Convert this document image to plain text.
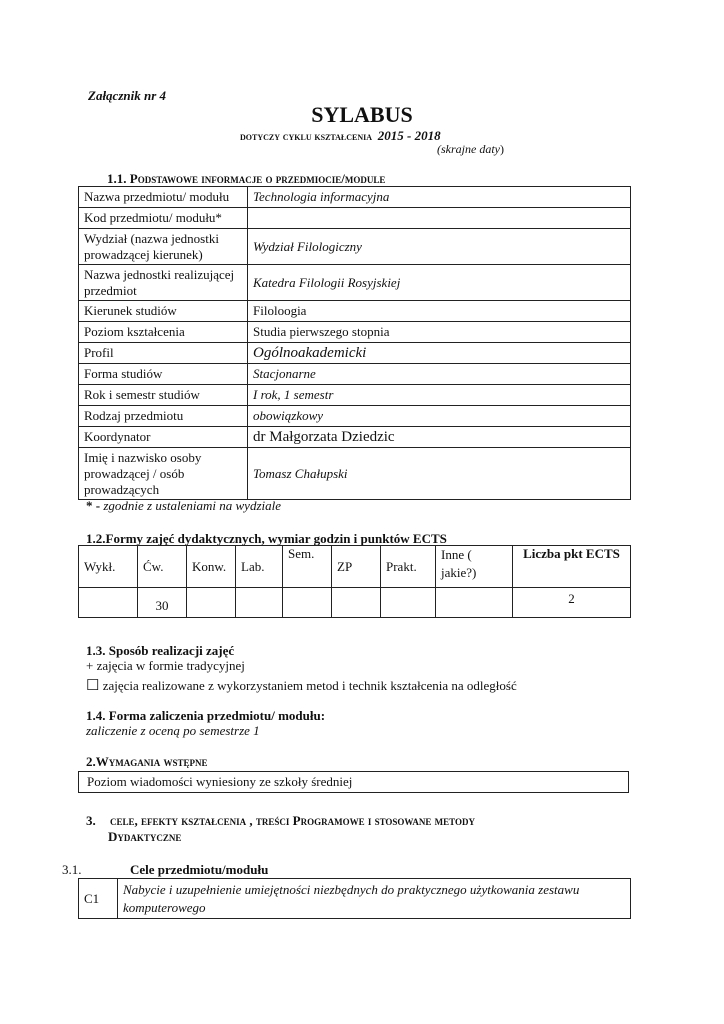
Załącznik nr 4
SYLABUS
dotyczy cyklu kształcenia 2015 - 2018
(skrajne daty)
1.1. Podstawowe informacje o przedmiocie/module
Nazwa przedmiotu/ modułu	Technologia informacyjna
Kod przedmiotu/ modułu*	
Wydział (nazwa jednostki prowadzącej kierunek)	Wydział Filologiczny
Nazwa jednostki realizującej przedmiot	Katedra Filologii Rosyjskiej
Kierunek studiów	Filoloogia
Poziom kształcenia	Studia pierwszego stopnia
Profil	Ogólnoakademicki
Forma studiów	Stacjonarne
Rok i semestr studiów	I rok, 1 semestr
Rodzaj przedmiotu	obowiązkowy
Koordynator	dr Małgorzata Dziedzic
Imię i nazwisko osoby prowadzącej / osób prowadzących	Tomasz Chałupski
* - zgodnie z ustaleniami na wydziale
1.2.Formy zajęć dydaktycznych, wymiar godzin i punktów ECTS
Wykł.	Ćw.	Konw.	Lab.	Sem.	ZP	Prakt.	Inne ( jakie?)	Liczba pkt ECTS
	30							2
1.3. Sposób realizacji zajęć
+ zajęcia w formie tradycyjnej
☐ zajęcia realizowane z wykorzystaniem metod i technik kształcenia na odległość
1.4. Forma zaliczenia przedmiotu/ modułu:
zaliczenie z oceną po semestrze 1
2.Wymagania wstępne
Poziom wiadomości wyniesiony ze szkoły średniej
3. cele, efekty kształcenia , treści Programowe i stosowane metody
Dydaktyczne
3.1.	Cele przedmiotu/modułu
C1	Nabycie i uzupełnienie umiejętności niezbędnych do praktycznego użytkowania zestawu komputerowego
